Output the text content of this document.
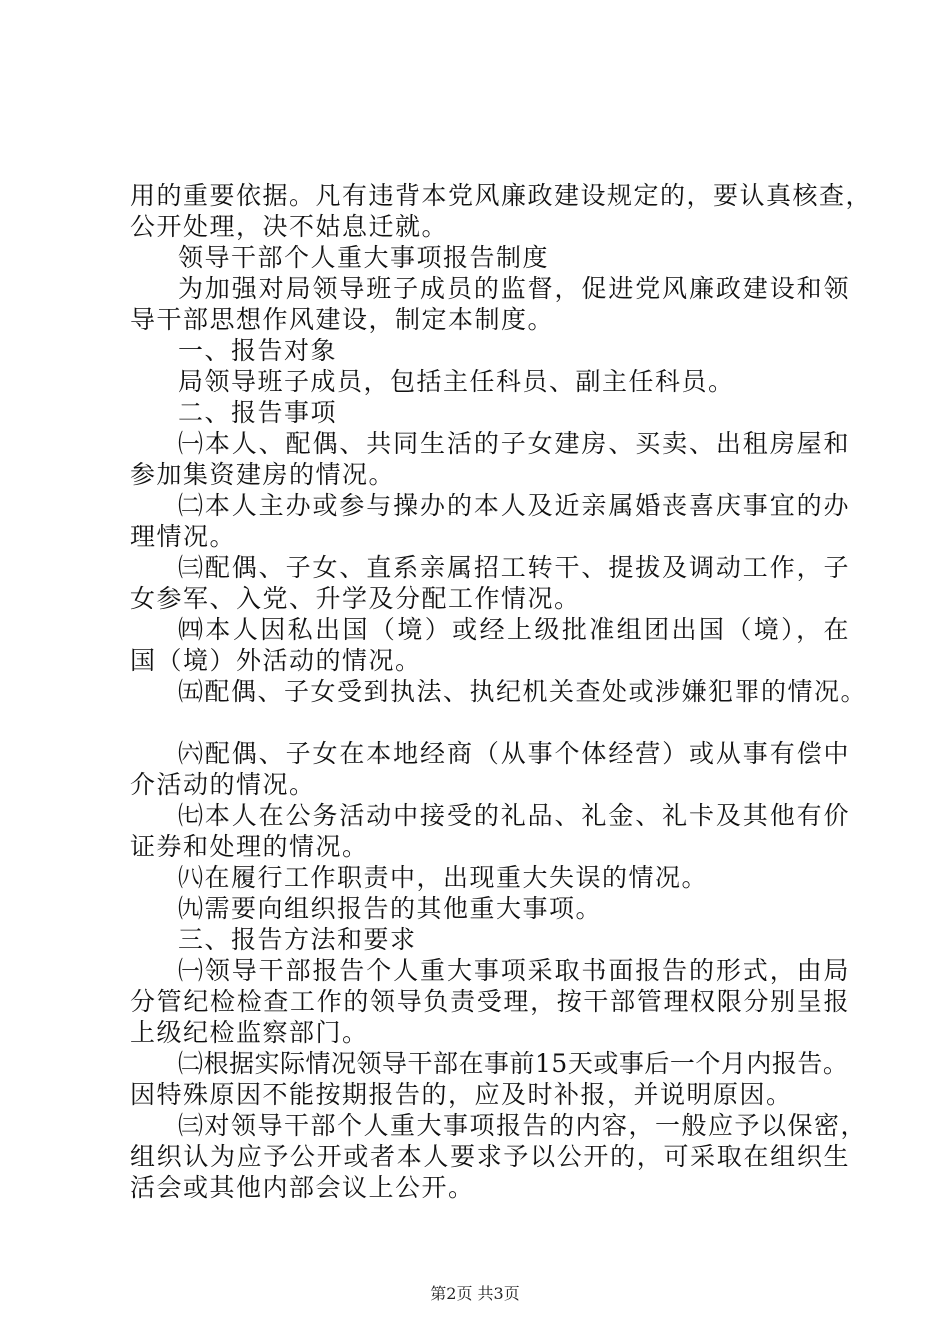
用的重要依据。凡有违背本党风廉政建设规定的，要认真核查，
公开处理，决不姑息迁就。
领导干部个人重大事项报告制度
为加强对局领导班子成员的监督，促进党风廉政建设和领
导干部思想作风建设，制定本制度。
一、报告对象
局领导班子成员，包括主任科员、副主任科员。
二、报告事项
㈠本人、配偶、共同生活的子女建房、买卖、出租房屋和
参加集资建房的情况。
㈡本人主办或参与操办的本人及近亲属婚丧喜庆事宜的办
理情况。
㈢配偶、子女、直系亲属招工转干、提拔及调动工作，子
女参军、入党、升学及分配工作情况。
㈣本人因私出国（境）或经上级批准组团出国（境），在
国（境）外活动的情况。
㈤配偶、子女受到执法、执纪机关查处或涉嫌犯罪的情况。
㈥配偶、子女在本地经商（从事个体经营）或从事有偿中
介活动的情况。
㈦本人在公务活动中接受的礼品、礼金、礼卡及其他有价
证券和处理的情况。
㈧在履行工作职责中，出现重大失误的情况。
㈨需要向组织报告的其他重大事项。
三、报告方法和要求
㈠领导干部报告个人重大事项采取书面报告的形式，由局
分管纪检检查工作的领导负责受理，按干部管理权限分别呈报
上级纪检监察部门。
㈡根据实际情况领导干部在事前15天或事后一个月内报告。
因特殊原因不能按期报告的，应及时补报，并说明原因。
㈢对领导干部个人重大事项报告的内容，一般应予以保密，
组织认为应予公开或者本人要求予以公开的，可采取在组织生
活会或其他内部会议上公开。
第2页 共3页
